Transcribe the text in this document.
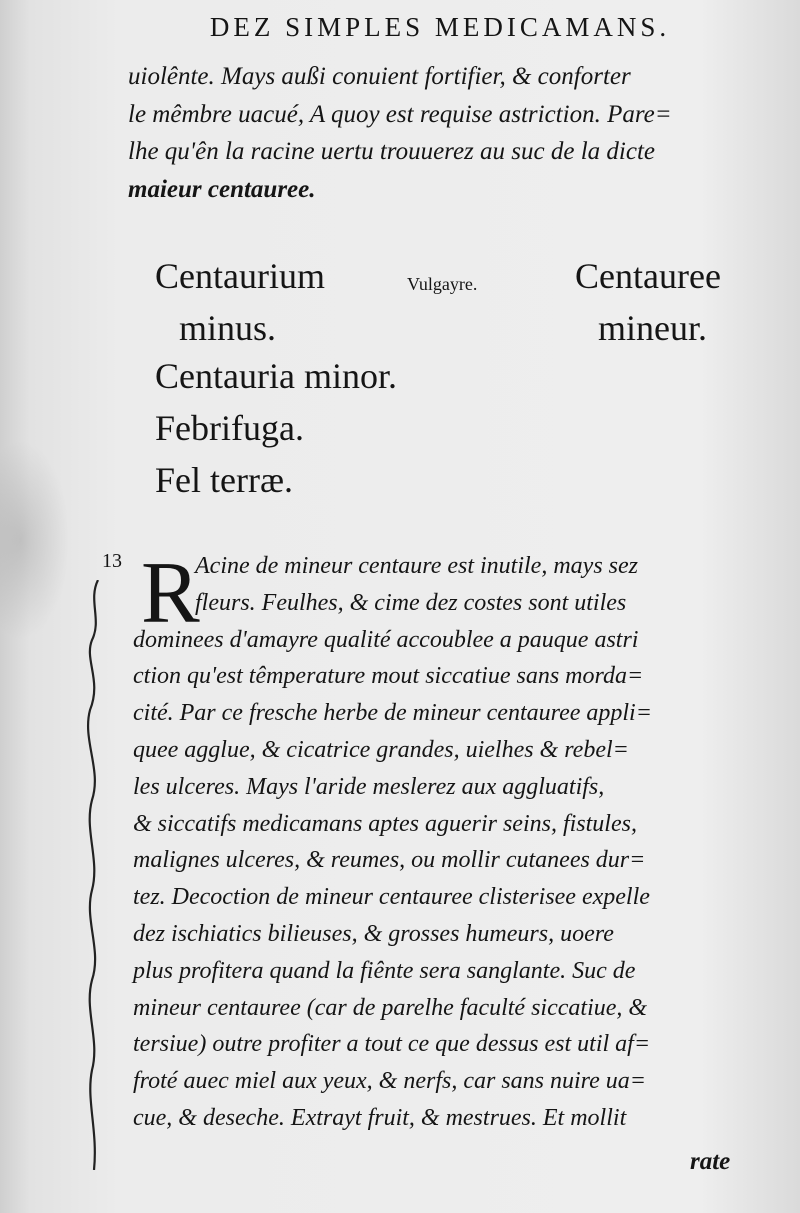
DEZ SIMPLES MEDICAMANS.
uiolênte. Mays außi conuient fortifier, & conforter
le mêmbre uacué, A quoy est requise astriction. Pare=
lhe qu'ên la racine uertu trouuerez au suc de la dicte
maieur centauree.
Centaurium
minus.
Centauria minor.
Febrifuga.
Fel terræ.
Vulgayre.	Centauree
mineur.
13 R
Acine de mineur centaure est inutile, mays sez
fleurs. Feulhes, & cime dez costes sont utiles
dominees d'amayre qualité accoublee a pauque astri
ction qu'est têmperature mout siccatiue sans morda=
cité. Par ce fresche herbe de mineur centauree appli=
quee agglue, & cicatrice grandes, uielhes & rebel=
les ulceres. Mays l'aride meslerez aux aggluatifs,
& siccatifs medicamans aptes aguerir seins, fistules,
malignes ulceres, & reumes, ou mollir cutanees dur=
tez. Decoction de mineur centauree clisterisee expelle
dez ischiatics bilieuses, & grosses humeurs, uoere
plus profitera quand la fiênte sera sanglante. Suc de
mineur centauree (car de parelhe faculté siccatiue, &
tersiue) outre profiter a tout ce que dessus est util af=
froté auec miel aux yeux, & nerfs, car sans nuire ua=
cue, & deseche. Extrayt fruit, & mestrues. Et mollit
rate
